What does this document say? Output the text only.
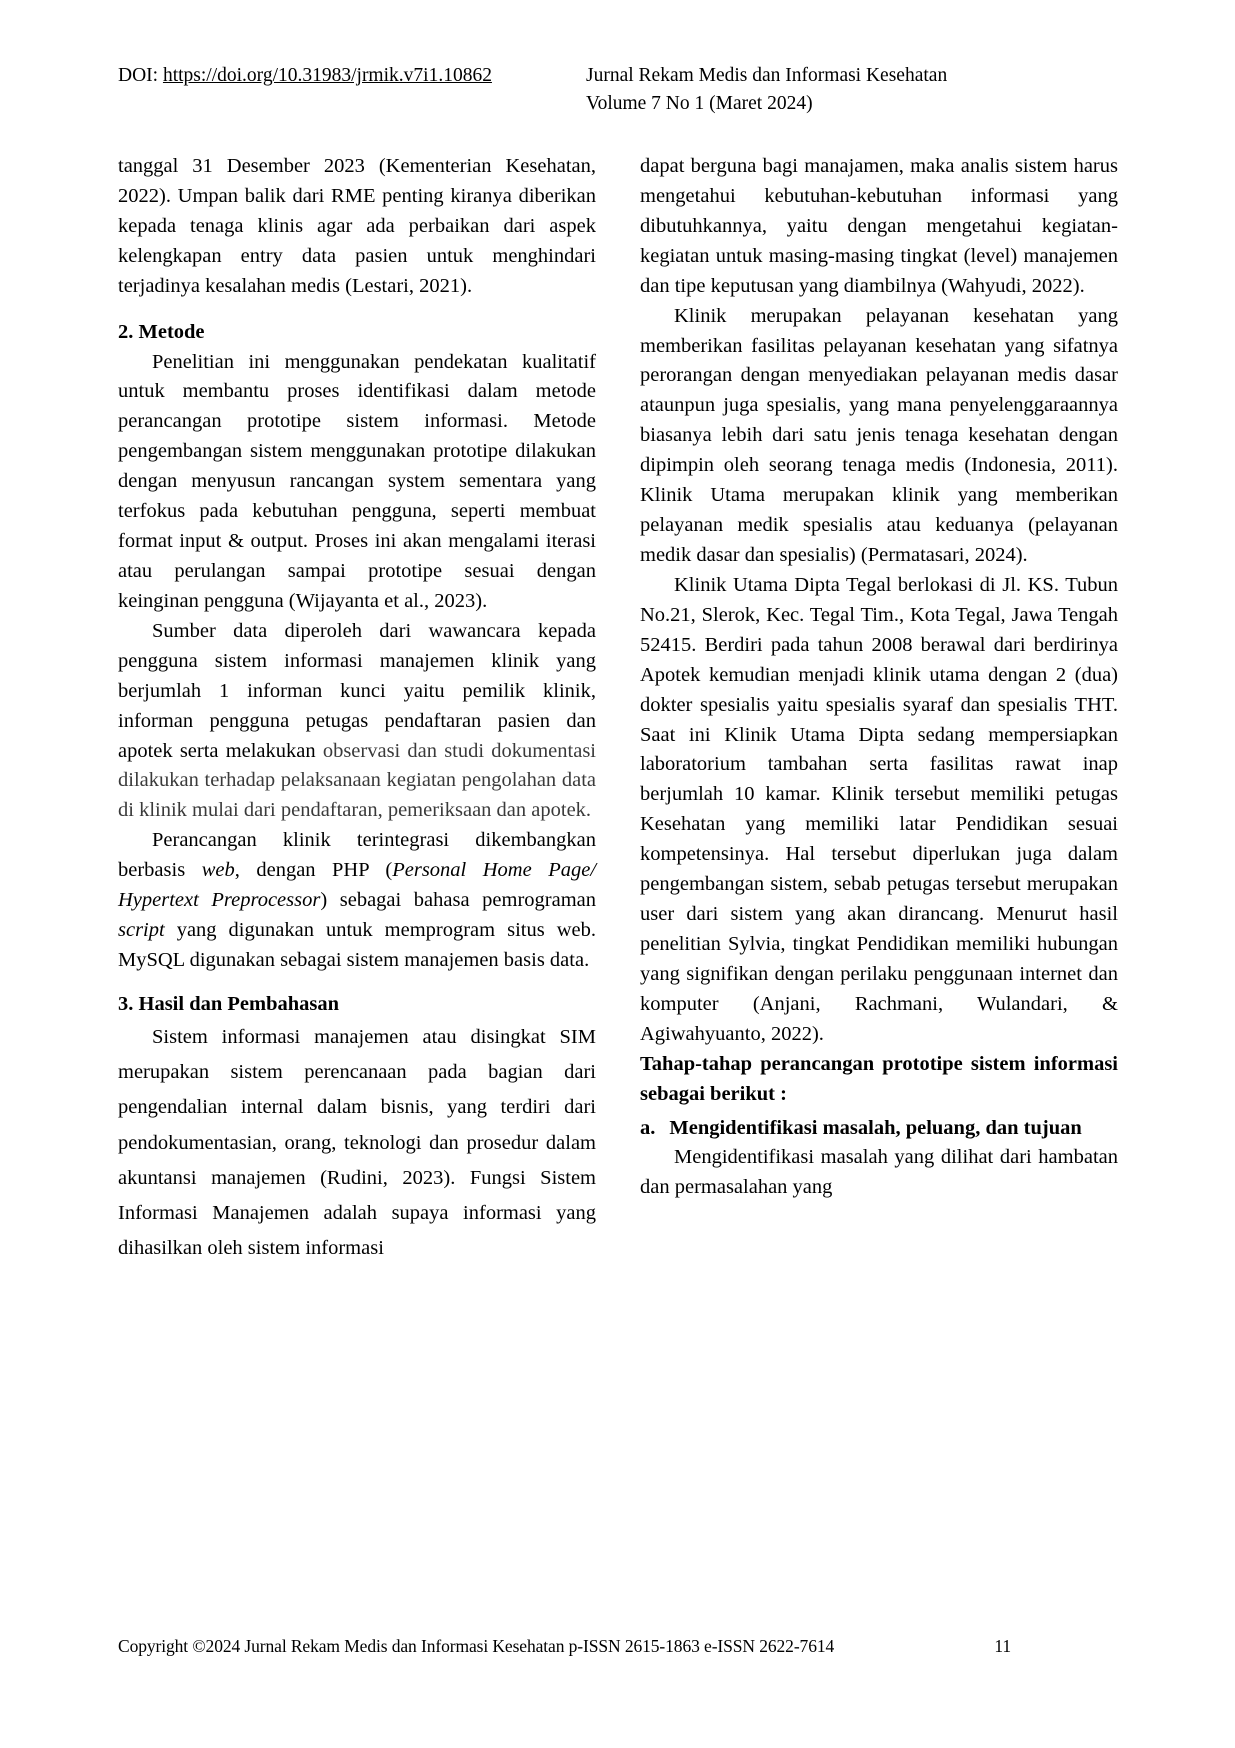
DOI: https://doi.org/10.31983/jrmik.v7i1.10862	Jurnal Rekam Medis dan Informasi Kesehatan
Volume 7 No 1 (Maret 2024)

tanggal 31 Desember 2023 (Kementerian Kesehatan, 2022). Umpan balik dari RME penting kiranya diberikan kepada tenaga klinis agar ada perbaikan dari aspek kelengkapan entry data pasien untuk menghindari terjadinya kesalahan medis (Lestari, 2021).

2. Metode

Penelitian ini menggunakan pendekatan kualitatif untuk membantu proses identifikasi dalam metode perancangan prototipe sistem informasi. Metode pengembangan sistem menggunakan prototipe dilakukan dengan menyusun rancangan system sementara yang terfokus pada kebutuhan pengguna, seperti membuat format input & output. Proses ini akan mengalami iterasi atau perulangan sampai prototipe sesuai dengan keinginan pengguna (Wijayanta et al., 2023).

Sumber data diperoleh dari wawancara kepada pengguna sistem informasi manajemen klinik yang berjumlah 1 informan kunci yaitu pemilik klinik, informan pengguna petugas pendaftaran pasien dan apotek serta melakukan observasi dan studi dokumentasi dilakukan terhadap pelaksanaan kegiatan pengolahan data di klinik mulai dari pendaftaran, pemeriksaan dan apotek.

Perancangan klinik terintegrasi dikembangkan berbasis web, dengan PHP (Personal Home Page/ Hypertext Preprocessor) sebagai bahasa pemrograman script yang digunakan untuk memprogram situs web. MySQL digunakan sebagai sistem manajemen basis data.

3. Hasil dan Pembahasan

Sistem informasi manajemen atau disingkat SIM merupakan sistem perencanaan pada bagian dari pengendalian internal dalam bisnis, yang terdiri dari pendokumentasian, orang, teknologi dan prosedur dalam akuntansi manajemen (Rudini, 2023). Fungsi Sistem Informasi Manajemen adalah supaya informasi yang dihasilkan oleh sistem informasi

dapat berguna bagi manajamen, maka analis sistem harus mengetahui kebutuhan-kebutuhan informasi yang dibutuhkannya, yaitu dengan mengetahui kegiatan-kegiatan untuk masing-masing tingkat (level) manajemen dan tipe keputusan yang diambilnya (Wahyudi, 2022).

Klinik merupakan pelayanan kesehatan yang memberikan fasilitas pelayanan kesehatan yang sifatnya perorangan dengan menyediakan pelayanan medis dasar ataunpun juga spesialis, yang mana penyelenggaraannya biasanya lebih dari satu jenis tenaga kesehatan dengan dipimpin oleh seorang tenaga medis (Indonesia, 2011). Klinik Utama merupakan klinik yang memberikan pelayanan medik spesialis atau keduanya (pelayanan medik dasar dan spesialis) (Permatasari, 2024).

Klinik Utama Dipta Tegal berlokasi di Jl. KS. Tubun No.21, Slerok, Kec. Tegal Tim., Kota Tegal, Jawa Tengah 52415. Berdiri pada tahun 2008 berawal dari berdirinya Apotek kemudian menjadi klinik utama dengan 2 (dua) dokter spesialis yaitu spesialis syaraf dan spesialis THT. Saat ini Klinik Utama Dipta sedang mempersiapkan laboratorium tambahan serta fasilitas rawat inap berjumlah 10 kamar. Klinik tersebut memiliki petugas Kesehatan yang memiliki latar Pendidikan sesuai kompetensinya. Hal tersebut diperlukan juga dalam pengembangan sistem, sebab petugas tersebut merupakan user dari sistem yang akan dirancang. Menurut hasil penelitian Sylvia, tingkat Pendidikan memiliki hubungan yang signifikan dengan perilaku penggunaan internet dan komputer (Anjani, Rachmani, Wulandari, & Agiwahyuanto, 2022).

Tahap-tahap perancangan prototipe sistem informasi sebagai berikut :

a. Mengidentifikasi masalah, peluang, dan tujuan

Mengidentifikasi masalah yang dilihat dari hambatan dan permasalahan yang

Copyright ©2024 Jurnal Rekam Medis dan Informasi Kesehatan p-ISSN 2615-1863 e-ISSN 2622-7614	11
